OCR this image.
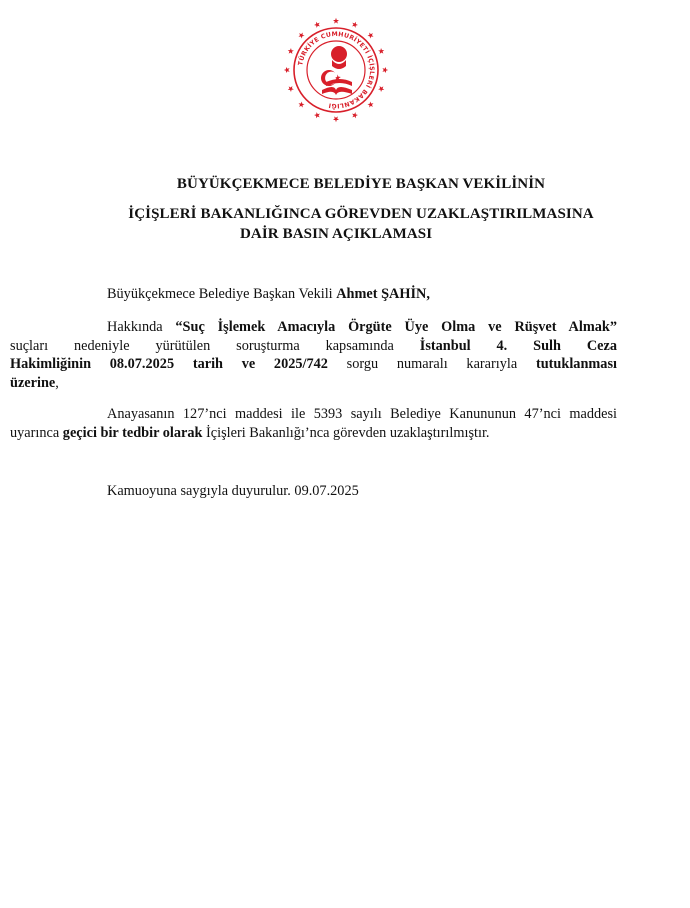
TÜRKİYE CUMHURİYETİ İÇİŞLERİ BAKANLIĞI
BÜYÜKÇEKMECE BELEDİYE BAŞKAN VEKİLİNİN
İÇİŞLERİ BAKANLIĞINCA GÖREVDEN UZAKLAŞTIRILMASINA
DAİR BASIN AÇIKLAMASI
Büyükçekmece Belediye Başkan Vekili Ahmet ŞAHİN,
Hakkında “Suç İşlemek Amacıyla Örgüte Üye Olma ve Rüşvet Almak”
suçları nedeniyle yürütülen soruşturma kapsamında İstanbul 4. Sulh Ceza
Hakimliğinin 08.07.2025 tarih ve 2025/742 sorgu numaralı kararıyla tutuklanması
üzerine,
Anayasanın 127’nci maddesi ile 5393 sayılı Belediye Kanununun 47’nci maddesi
uyarınca geçici bir tedbir olarak İçişleri Bakanlığı’nca görevden uzaklaştırılmıştır.
Kamuoyuna saygıyla duyurulur. 09.07.2025
